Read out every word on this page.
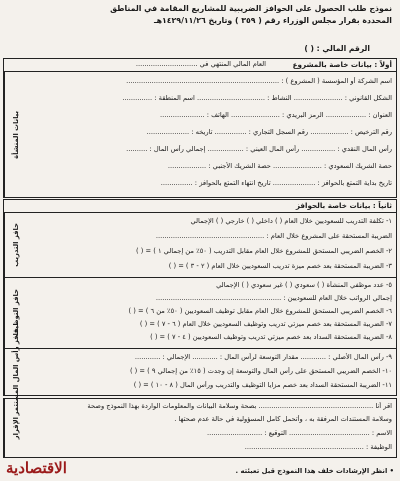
نموذج طلب الحصول على الحوافز الضريبية للمشاريع المقامة في المناطق
المحددة بقرار مجلس الوزراء رقم ( ٣٥٩ ) وتاريخ ١٤٢٩/١١/٢٦هـ
الرقم المالي : ( )
أولاً : بيانات خاصة بالمشروع
العام المالي المنتهي في .............................
بيانات المنشأة
اسم الشركة أو المؤسسة ( المشروع ) : ........................................................................
الشكل القانوني : ....................... النشاط : ................................ اسم المنطقة : ..............
العنوان : ................... الرمز البريدي : ....................... الهاتف : .....................
رقم الترخيص : .................. رقم السجل التجاري : ............... تاريخه : ....................
رأس المال النقدي : ................ رأس المال العيني : ................. إجمالي رأس المال : ..........
حصة الشريك السعودي : ....................... حصة الشريك الأجنبي : ..................
تاريخ بداية التمتع بالحوافز : .................... تاريخ انتهاء التمتع بالحوافز : ...............
ثانياً : بيانات خاصة بالحوافز
حافز التدريب
١- تكلفة التدريب للسعوديين خلال العام ( ) داخلي ( ) خارجي ( ) الإجمالي
الضريبة المستحقة على المشروع خلال العام : ...................................................
٢- الخصم الضريبي المستحق للمشروع خلال العام مقابل التدريب ( ٥٠٪ من إجمالي ١ ) = ( )
٣- الضريبة المستحقة بعد خصم ميزة تدريب السعوديين خلال العام ( ٢ - ٣ ) = ( )
حافز التوظيف
٥- عدد موظفي المنشأة ( ) سعودي ( ) غير سعودي ( ) الإجمالي
إجمالي الرواتب خلال العام للسعوديين : ...........................................................
٦- الخصم الضريبي المستحق للمشروع خلال العام مقابل توظيف السعوديين ( ٥٠٪ من ٦ ) = ( )
٧- الضريبة المستحقة بعد خصم ميزتي تدريب وتوظيف السعوديين خلال العام ( ٦ - ٧ ) = ( )
٨- الضريبة المستحقة السداد بعد خصم ميزتي تدريب وتوظيف السعوديين ( ٤ - ٧ ) = ( )
حافز رأس المال المستثمر	٩- رأس المال الأصلي : ............ مقدار التوسعة لرأس المال : ............ الإجمالي : ............
١٠- الخصم الضريبي المستحق على رأس المال والتوسعة إن وجدت ( ١٥٪ من إجمالي ٩ ) = ( )
١١- الضريبة المستحقة السداد بعد خصم مزايا التوظيف والتدريب ورأس المال ( ٨ - ١٠ ) = ( )
الإقرار
اقر أنا ...................................................... بصحة وسلامة البيانات والمعلومات الواردة بهذا النموذج وصحة
وسلامة المستندات المرفقة به ، وأتحمل كامل المسؤولية في حالة عدم صحتها .
الاسم : ...................................... التوقيع : ..........................
الوظيفة : ........................................................
• انظر الإرشادات خلف هذا النموذج قبل تعبئته .
الاقتصادية
